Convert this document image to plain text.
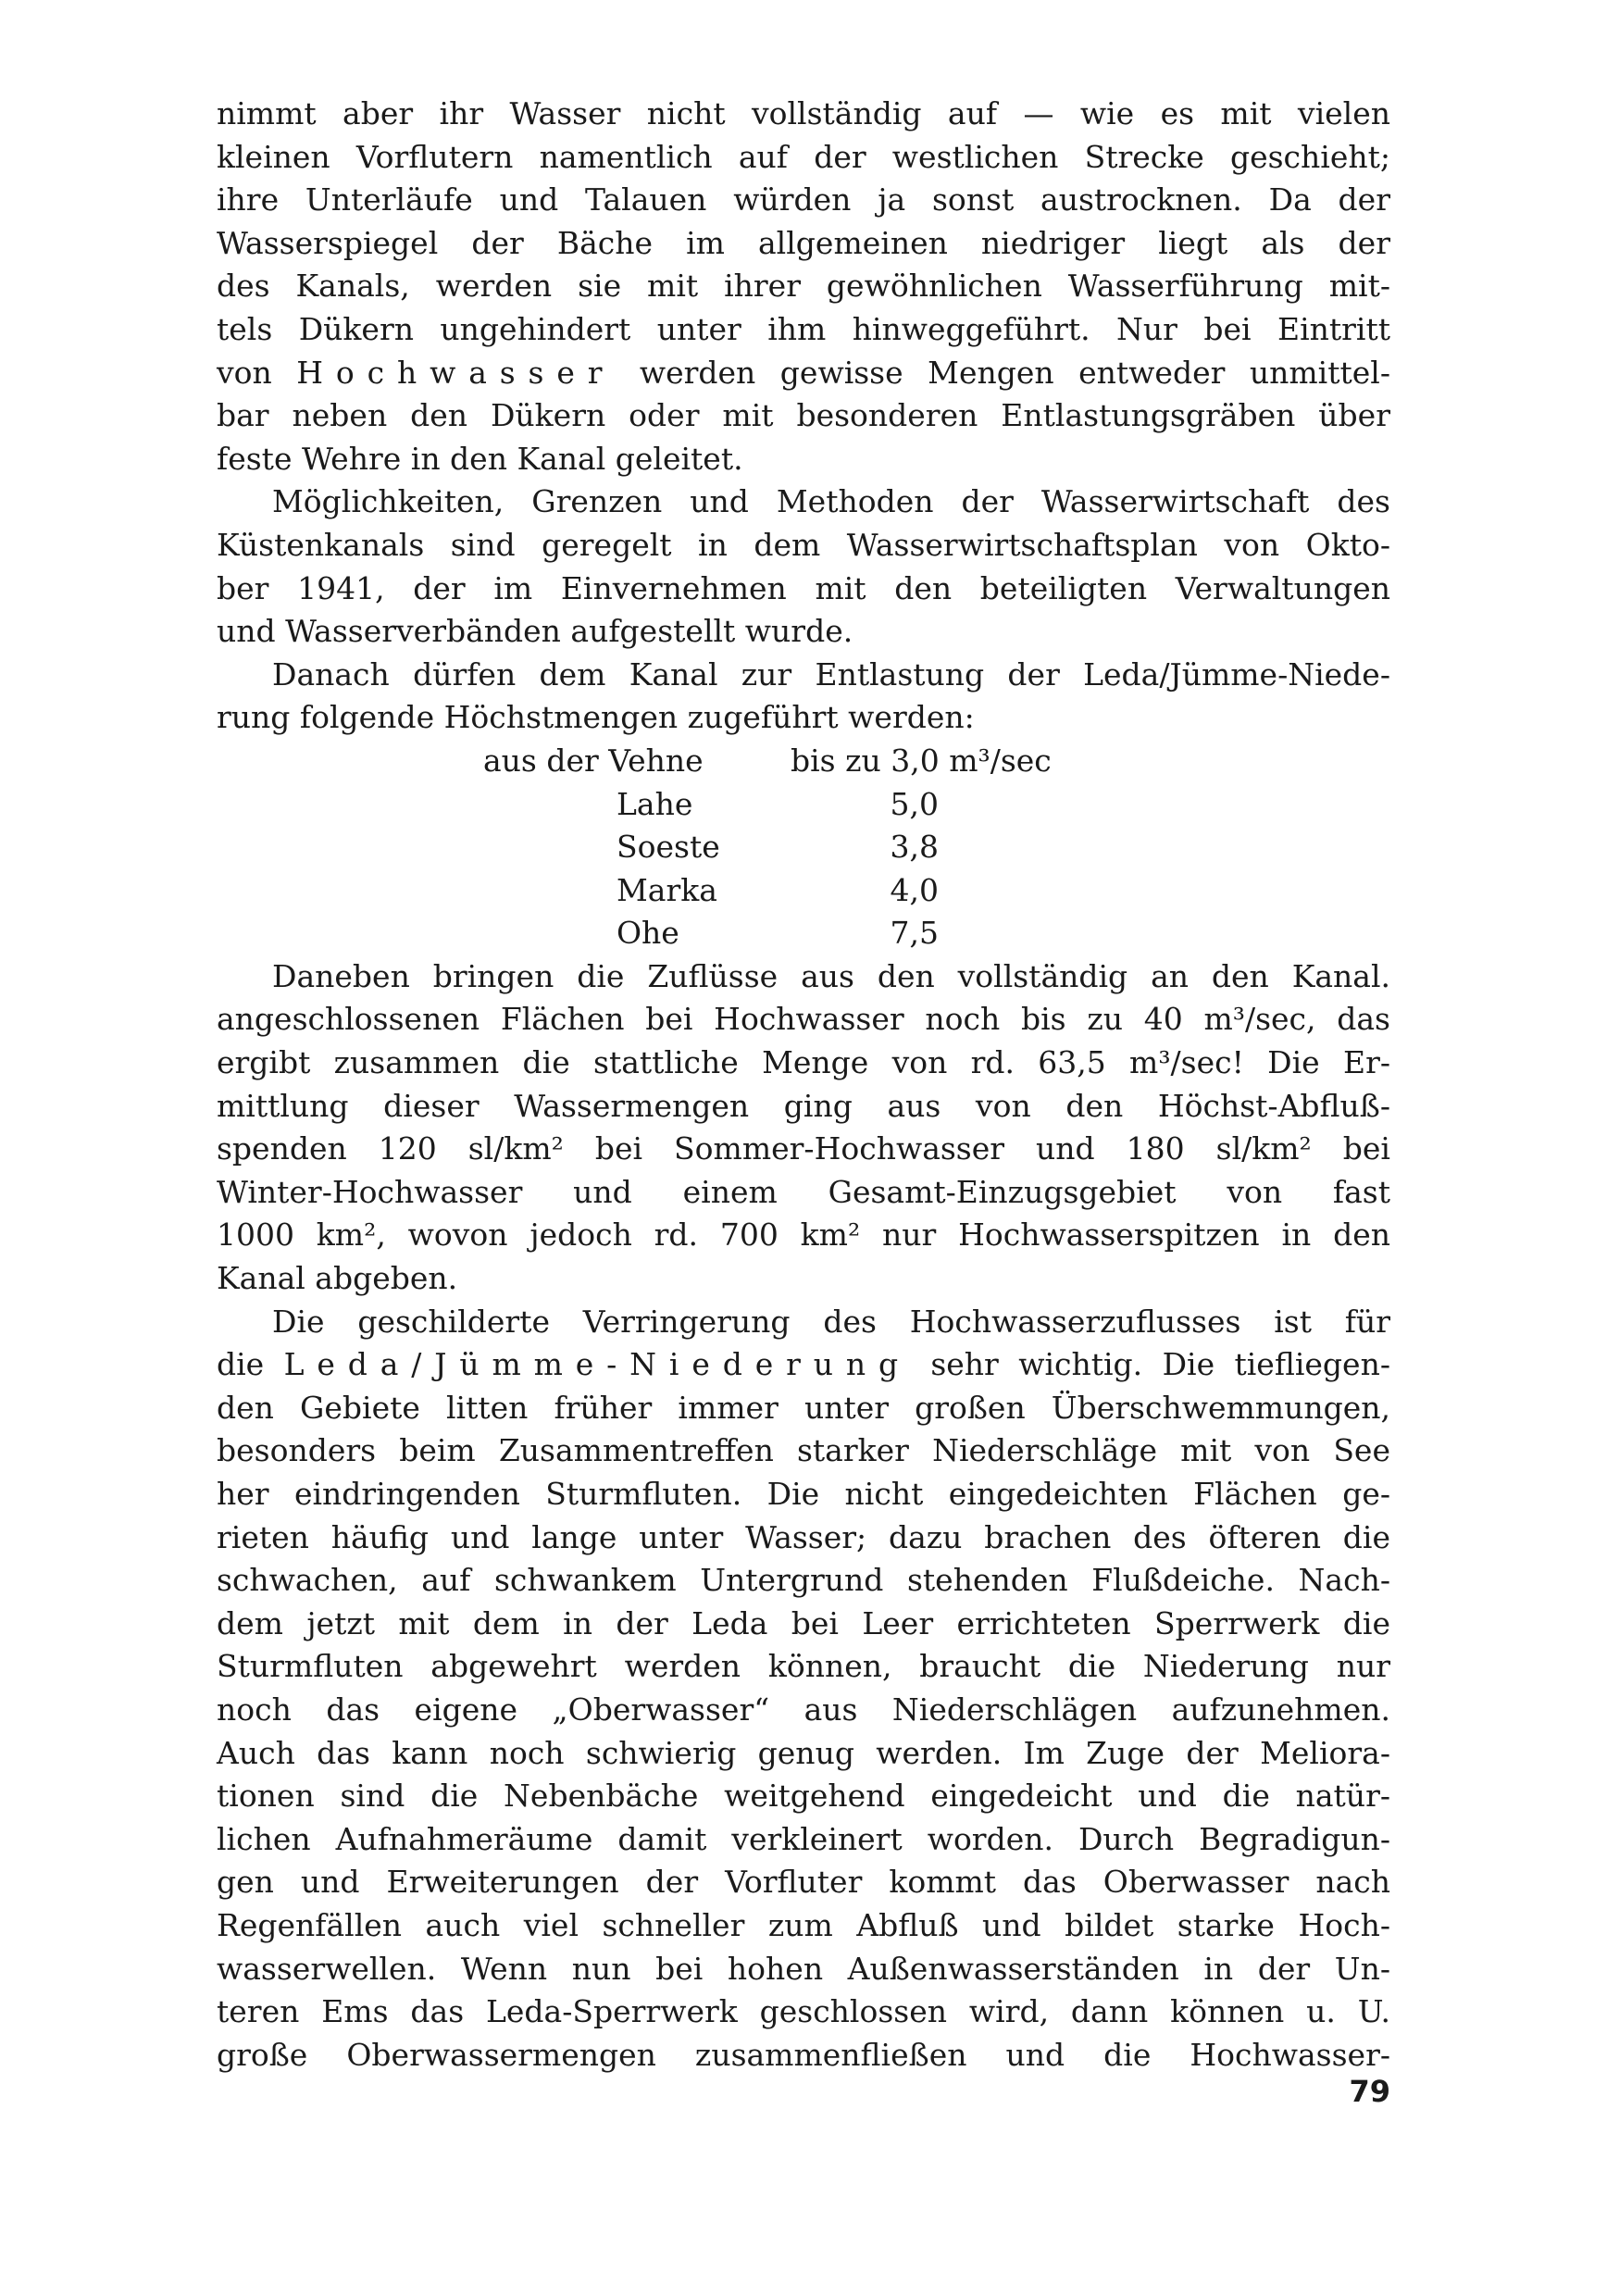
nimmt aber ihr Wasser nicht vollständig auf — wie es mit vielen
kleinen Vorflutern namentlich auf der westlichen Strecke geschieht;
ihre Unterläufe und Talauen würden ja sonst austrocknen. Da der
Wasserspiegel der Bäche im allgemeinen niedriger liegt als der
des Kanals, werden sie mit ihrer gewöhnlichen Wasserführung mit-
tels Dükern ungehindert unter ihm hinweggeführt. Nur bei Eintritt
von Hochwasser werden gewisse Mengen entweder unmittel-
bar neben den Dükern oder mit besonderen Entlastungsgräben über
feste Wehre in den Kanal geleitet.
Möglichkeiten, Grenzen und Methoden der Wasserwirtschaft des
Küstenkanals sind geregelt in dem Wasserwirtschaftsplan von Okto-
ber 1941, der im Einvernehmen mit den beteiligten Verwaltungen
und Wasserverbänden aufgestellt wurde.
Danach dürfen dem Kanal zur Entlastung der Leda/Jümme-Niede-
rung folgende Höchstmengen zugeführt werden:
aus der Vehne	bis zu 3,0 m³/sec
Lahe	5,0
Soeste	3,8
Marka	4,0
Ohe	7,5
Daneben bringen die Zuflüsse aus den vollständig an den Kanal.
angeschlossenen Flächen bei Hochwasser noch bis zu 40 m³/sec, das
ergibt zusammen die stattliche Menge von rd. 63,5 m³/sec! Die Er-
mittlung dieser Wassermengen ging aus von den Höchst-Abfluß-
spenden 120 sl/km² bei Sommer-Hochwasser und 180 sl/km² bei
Winter-Hochwasser und einem Gesamt-Einzugsgebiet von fast
1000 km², wovon jedoch rd. 700 km² nur Hochwasserspitzen in den
Kanal abgeben.
Die geschilderte Verringerung des Hochwasserzuflusses ist für
die Leda/Jümme-Niederung sehr wichtig. Die tiefliegen-
den Gebiete litten früher immer unter großen Überschwemmungen,
besonders beim Zusammentreffen starker Niederschläge mit von See
her eindringenden Sturmfluten. Die nicht eingedeichten Flächen ge-
rieten häufig und lange unter Wasser; dazu brachen des öfteren die
schwachen, auf schwankem Untergrund stehenden Flußdeiche. Nach-
dem jetzt mit dem in der Leda bei Leer errichteten Sperrwerk die
Sturmfluten abgewehrt werden können, braucht die Niederung nur
noch das eigene „Oberwasser“ aus Niederschlägen aufzunehmen.
Auch das kann noch schwierig genug werden. Im Zuge der Meliora-
tionen sind die Nebenbäche weitgehend eingedeicht und die natür-
lichen Aufnahmeräume damit verkleinert worden. Durch Begradigun-
gen und Erweiterungen der Vorfluter kommt das Oberwasser nach
Regenfällen auch viel schneller zum Abfluß und bildet starke Hoch-
wasserwellen. Wenn nun bei hohen Außenwasserständen in der Un-
teren Ems das Leda-Sperrwerk geschlossen wird, dann können u. U.
große Oberwassermengen zusammenfließen und die Hochwasser-
79
